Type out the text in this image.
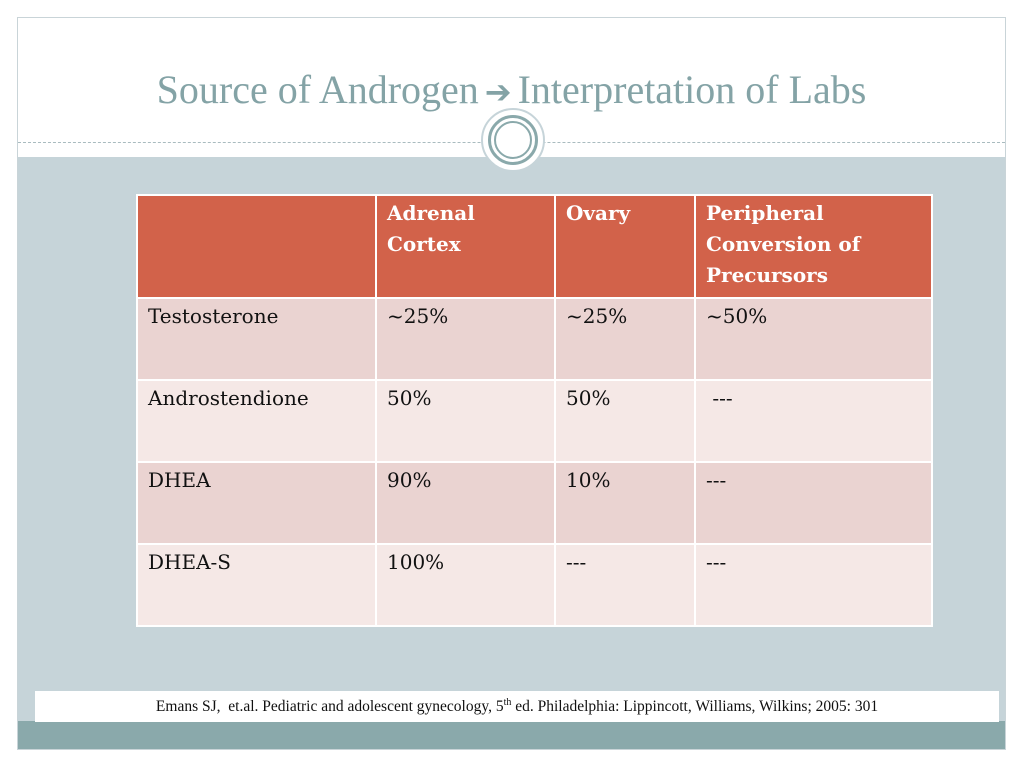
Source of Androgen ➔ Interpretation of Labs
	Adrenal Cortex	Ovary	Peripheral Conversion of Precursors
Testosterone	~25%	~25%	~50%
Androstendione	50%	50%	---
DHEA	90%	10%	---
DHEA-S	100%	---	---
Emans SJ,  et.al. Pediatric and adolescent gynecology, 5th ed. Philadelphia: Lippincott, Williams, Wilkins; 2005: 301
